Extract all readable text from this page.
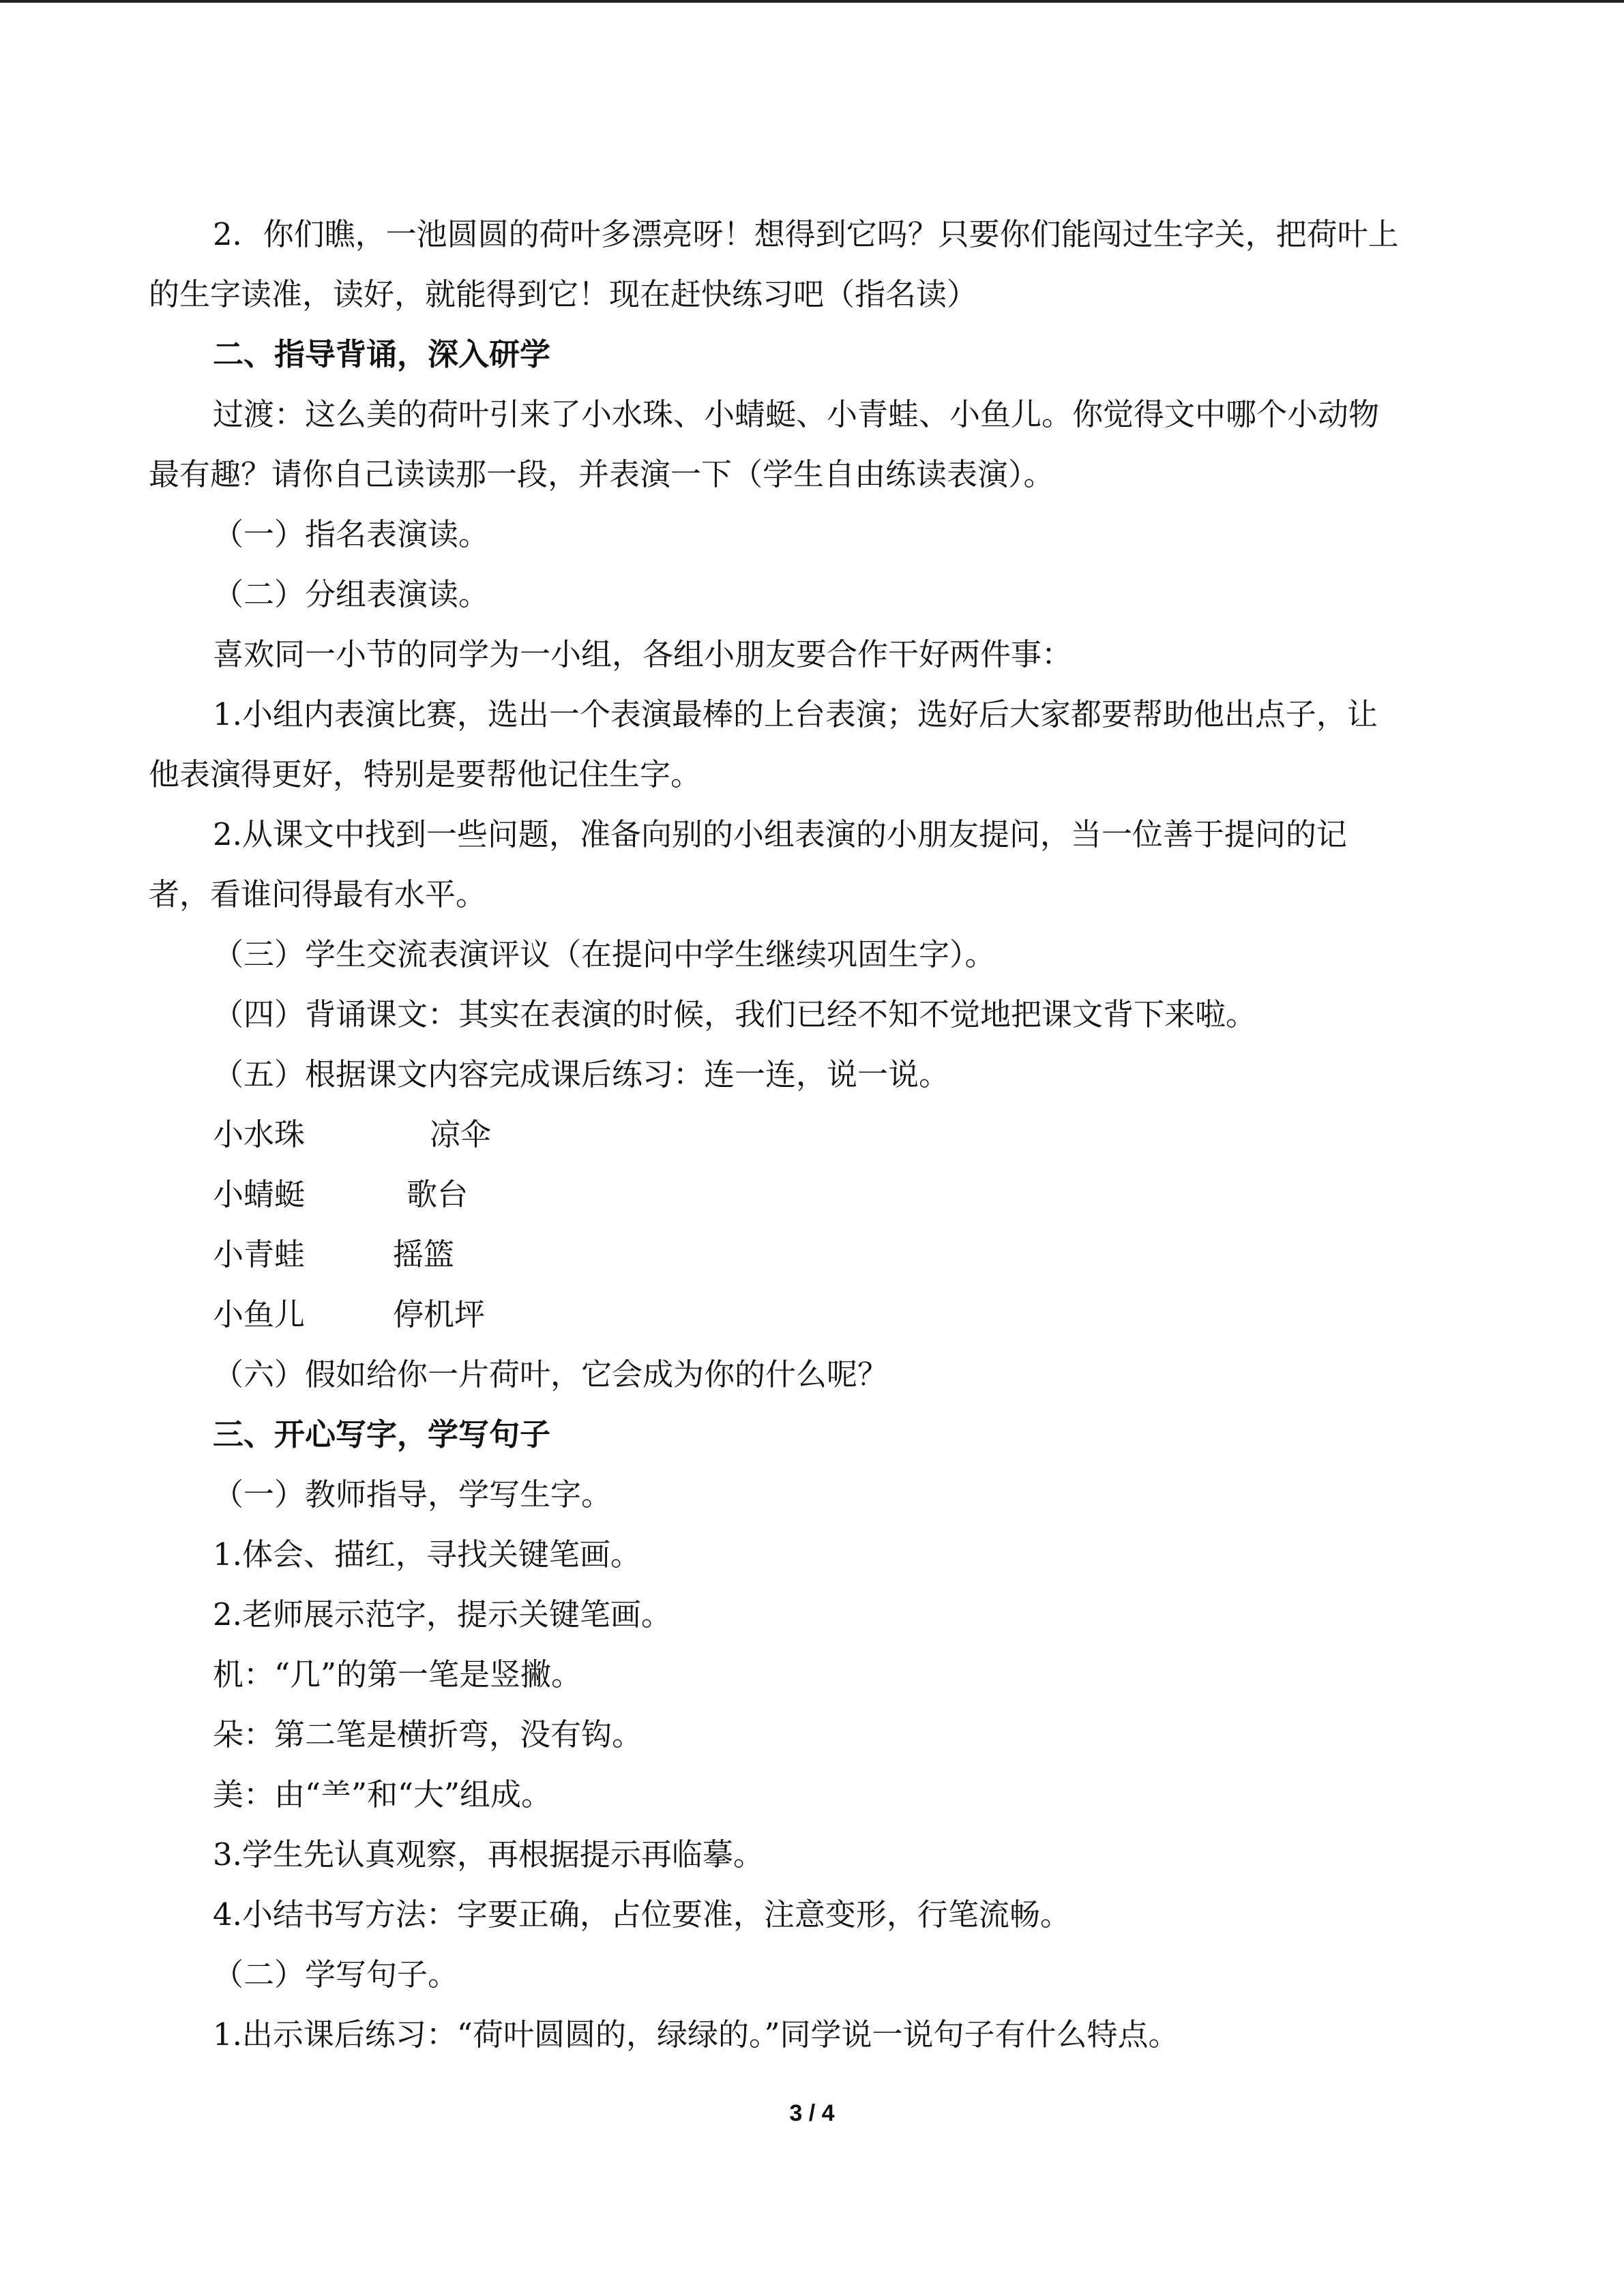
2．你们瞧，一池圆圆的荷叶多漂亮呀！想得到它吗？只要你们能闯过生字关，把荷叶上
的生字读准，读好，就能得到它！现在赶快练习吧（指名读）
二、指导背诵，深入研学
过渡：这么美的荷叶引来了小水珠、小蜻蜓、小青蛙、小鱼儿。你觉得文中哪个小动物
最有趣？请你自己读读那一段，并表演一下（学生自由练读表演）。
（一）指名表演读。
（二）分组表演读。
喜欢同一小节的同学为一小组，各组小朋友要合作干好两件事：
1.小组内表演比赛，选出一个表演最棒的上台表演；选好后大家都要帮助他出点子，让
他表演得更好，特别是要帮他记住生字。
2.从课文中找到一些问题，准备向别的小组表演的小朋友提问，当一位善于提问的记
者，看谁问得最有水平。
（三）学生交流表演评议（在提问中学生继续巩固生字）。
（四）背诵课文：其实在表演的时候，我们已经不知不觉地把课文背下来啦。
（五）根据课文内容完成课后练习：连一连，说一说。
小水珠	凉伞
小蜻蜓	歌台
小青蛙	摇篮
小鱼儿	停机坪
（六）假如给你一片荷叶，它会成为你的什么呢？
三、开心写字，学写句子
（一）教师指导，学写生字。
1.体会、描红，寻找关键笔画。
2.老师展示范字，提示关键笔画。
机：“几”的第一笔是竖撇。
朵：第二笔是横折弯，没有钩。
美：由“⺷”和“大”组成。
3.学生先认真观察，再根据提示再临摹。
4.小结书写方法：字要正确，占位要准，注意变形，行笔流畅。
（二）学写句子。
1.出示课后练习：“荷叶圆圆的，绿绿的。”同学说一说句子有什么特点。
3 / 4
